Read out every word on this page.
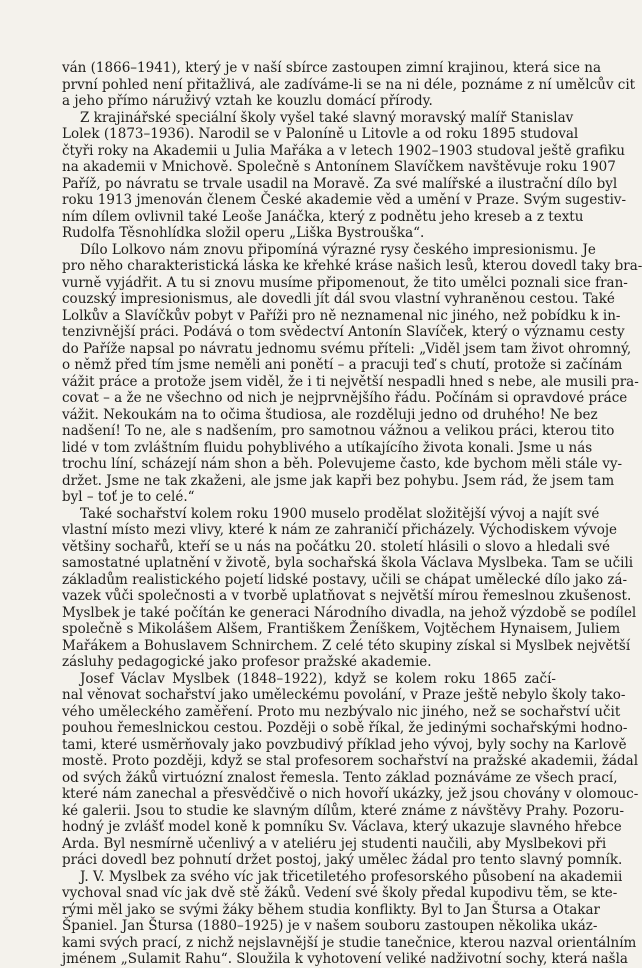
ván (1866–1941), který je v naší sbírce zastoupen zimní krajinou, která sice na
první pohled není přitažlivá, ale zadíváme-li se na ni déle, poznáme z ní umělcův cit
a jeho přímo náruživý vztah ke kouzlu domácí přírody.
Z krajinářské speciální školy vyšel také slavný moravský malíř Stanislav
Lolek (1873–1936). Narodil se v Paloníně u Litovle a od roku 1895 studoval
čtyři roky na Akademii u Julia Mařáka a v letech 1902–1903 studoval ještě grafiku
na akademii v Mnichově. Společně s Antonínem Slavíčkem navštěvuje roku 1907
Paříž, po návratu se trvale usadil na Moravě. Za své malířské a ilustrační dílo byl
roku 1913 jmenován členem České akademie věd a umění v Praze. Svým sugestiv-
ním dílem ovlivnil také Leoše Janáčka, který z podnětu jeho kreseb a z textu
Rudolfa Těsnohlídka složil operu „Liška Bystrouška“.
Dílo Lolkovo nám znovu připomíná výrazné rysy českého impresionismu. Je
pro něho charakteristická láska ke křehké kráse našich lesů, kterou dovedl taky bra-
vurně vyjádřit. A tu si znovu musíme připomenout, že tito umělci poznali sice fran-
couzský impresionismus, ale dovedli jít dál svou vlastní vyhraněnou cestou. Také
Lolkův a Slavíčkův pobyt v Paříži pro ně neznamenal nic jiného, než pobídku k in-
tenzivnější práci. Podává o tom svědectví Antonín Slavíček, který o významu cesty
do Paříže napsal po návratu jednomu svému příteli: „Viděl jsem tam život ohromný,
o němž před tím jsme neměli ani ponětí – a pracuji teď s chutí, protože si začínám
vážit práce a protože jsem viděl, že i ti největší nespadli hned s nebe, ale musili pra-
covat – a že ne všechno od nich je nejprvnějšího řádu. Počínám si opravdové práce
vážit. Nekoukám na to očima študiosa, ale rozděluji jedno od druhého! Ne bez
nadšení! To ne, ale s nadšením, pro samotnou vážnou a velikou práci, kterou tito
lidé v tom zvláštním fluidu pohyblivého a utíkajícího života konali. Jsme u nás
trochu líní, scházejí nám shon a běh. Polevujeme často, kde bychom měli stále vy-
držet. Jsme ne tak zkaženi, ale jsme jak kapři bez pohybu. Jsem rád, že jsem tam
byl – toť je to celé.“
Také sochařství kolem roku 1900 muselo prodělat složitější vývoj a najít své
vlastní místo mezi vlivy, které k nám ze zahraničí přicházely. Východiskem vývoje
většiny sochařů, kteří se u nás na počátku 20. století hlásili o slovo a hledali své
samostatné uplatnění v životě, byla sochařská škola Václava Myslbeka. Tam se učili
základům realistického pojetí lidské postavy, učili se chápat umělecké dílo jako zá-
vazek vůči společnosti a v tvorbě uplatňovat s největší mírou řemeslnou zkušenost.
Myslbek je také počítán ke generaci Národního divadla, na jehož výzdobě se podílel
společně s Mikolášem Alšem, Františkem Ženíškem, Vojtěchem Hynaisem, Juliem
Mařákem a Bohuslavem Schnirchem. Z celé této skupiny získal si Myslbek největší
zásluhy pedagogické jako profesor pražské akademie.
Josef Václav Myslbek (1848–1922), když se kolem roku 1865 začí-
nal věnovat sochařství jako uměleckému povolání, v Praze ještě nebylo školy tako-
vého uměleckého zaměření. Proto mu nezbývalo nic jiného, než se sochařství učit
pouhou řemeslnickou cestou. Později o sobě říkal, že jedinými sochařskými hodno-
tami, které usměrňovaly jako povzbudivý příklad jeho vývoj, byly sochy na Karlově
mostě. Proto později, když se stal profesorem sochařství na pražské akademii, žádal
od svých žáků virtuózní znalost řemesla. Tento základ poznáváme ze všech prací,
které nám zanechal a přesvědčivě o nich hovoří ukázky, jež jsou chovány v olomouc-
ké galerii. Jsou to studie ke slavným dílům, které známe z návštěvy Prahy. Pozoru-
hodný je zvlášť model koně k pomníku Sv. Václava, který ukazuje slavného hřebce
Arda. Byl nesmírně učenlivý a v ateliéru jej studenti naučili, aby Myslbekovi při
práci dovedl bez pohnutí držet postoj, jaký umělec žádal pro tento slavný pomník.
J. V. Myslbek za svého víc jak třicetiletého profesorského působení na akademii
vychoval snad víc jak dvě stě žáků. Vedení své školy předal kupodivu těm, se kte-
rými měl jako se svými žáky během studia konflikty. Byl to Jan Štursa a Otakar
Španiel. Jan Štursa (1880–1925) je v našem souboru zastoupen několika ukáz-
kami svých prací, z nichž nejslavnější je studie tanečnice, kterou nazval orientálním
jménem „Sulamit Rahu“. Sloužila k vyhotovení veliké nadživotní sochy, která našla
